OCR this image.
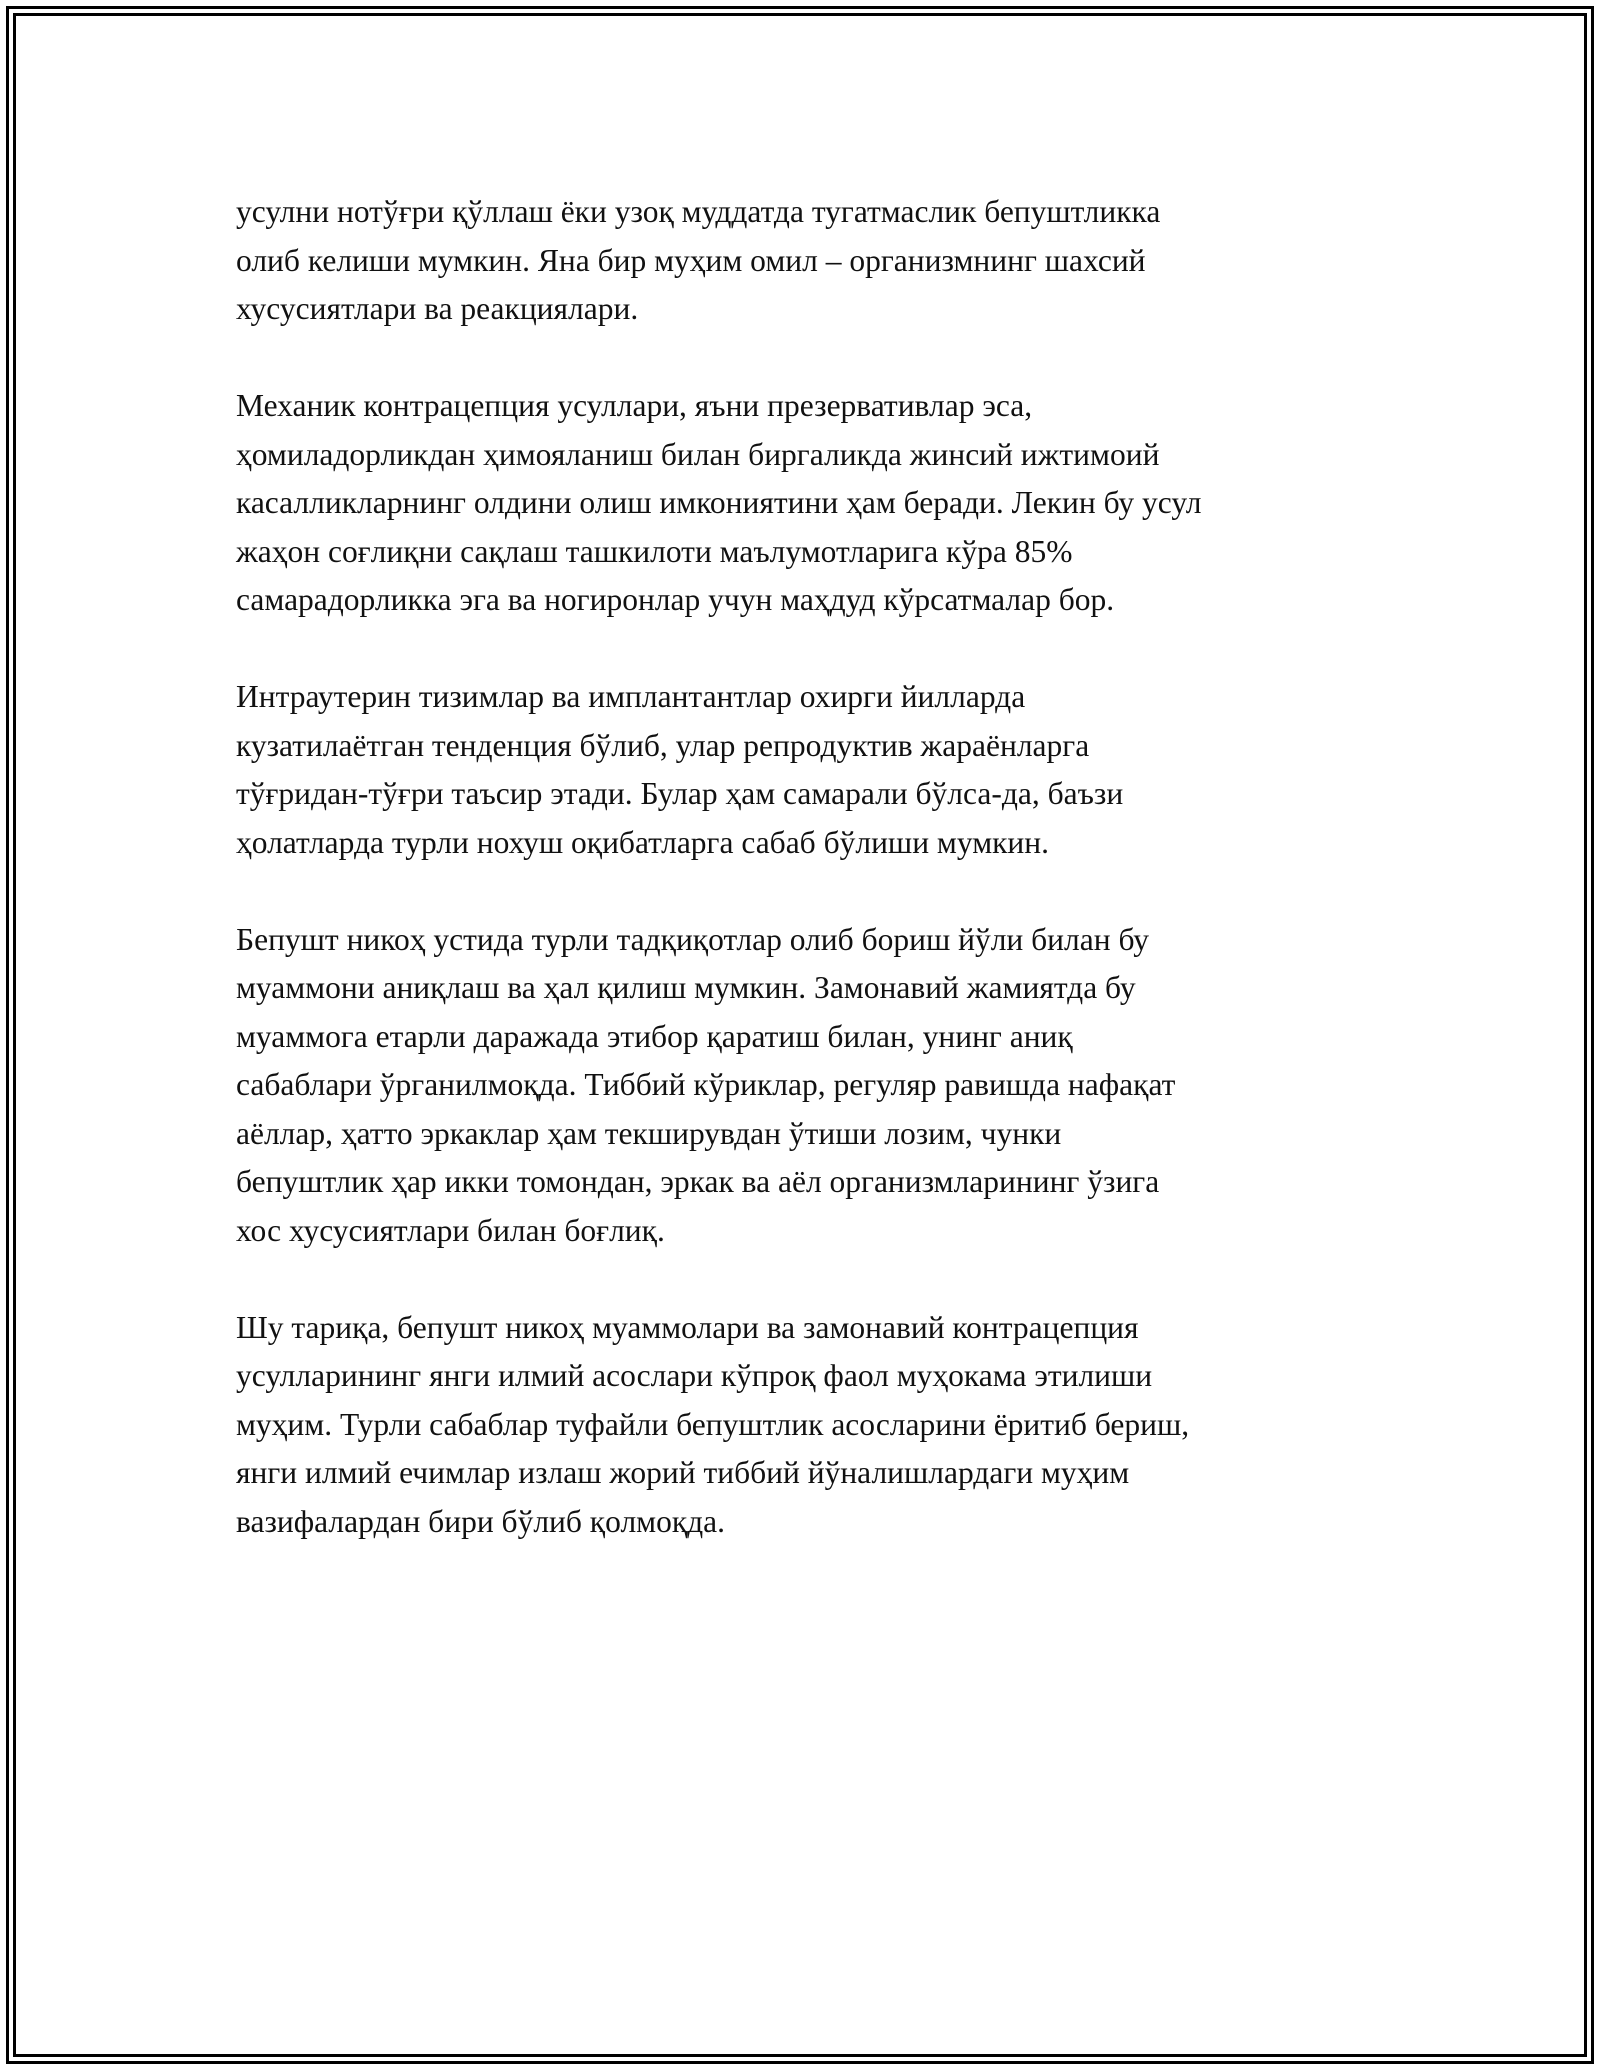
усулни нотўғри қўллаш ёки узоқ муддатда тугатмаслик бепуштликка
олиб келиши мумкин. Яна бир муҳим омил – организмнинг шахсий
хусусиятлари ва реакциялари.

Механик контрацепция усуллари, яъни презервативлар эса,
ҳомиладорликдан ҳимояланиш билан биргаликда жинсий ижтимоий
касалликларнинг олдини олиш имкониятини ҳам беради. Лекин бу усул
жаҳон соғлиқни сақлаш ташкилоти маълумотларига кўра 85%
самарадорликка эга ва ногиронлар учун маҳдуд кўрсатмалар бор.

Интраутерин тизимлар ва имплантантлар охирги йилларда
кузатилаётган тенденция бўлиб, улар репродуктив жараёнларга
тўғридан-тўғри таъсир этади. Булар ҳам самарали бўлса-да, баъзи
ҳолатларда турли нохуш оқибатларга сабаб бўлиши мумкин.

Бепушт никоҳ устида турли тадқиқотлар олиб бориш йўли билан бу
муаммони аниқлаш ва ҳал қилиш мумкин. Замонавий жамиятда бу
муаммога етарли даражада этибор қаратиш билан, унинг аниқ
сабаблари ўрганилмоқда. Тиббий кўриклар, регуляр равишда нафақат
аёллар, ҳатто эркаклар ҳам текширувдан ўтиши лозим, чунки
бепуштлик ҳар икки томондан, эркак ва аёл организмларининг ўзига
хос хусусиятлари билан боғлиқ.

Шу тариқа, бепушт никоҳ муаммолари ва замонавий контрацепция
усулларининг янги илмий асослари кўпроқ фаол муҳокама этилиши
муҳим. Турли сабаблар туфайли бепуштлик асосларини ёритиб бериш,
янги илмий ечимлар излаш жорий тиббий йўналишлардаги муҳим
вазифалардан бири бўлиб қолмоқда.
